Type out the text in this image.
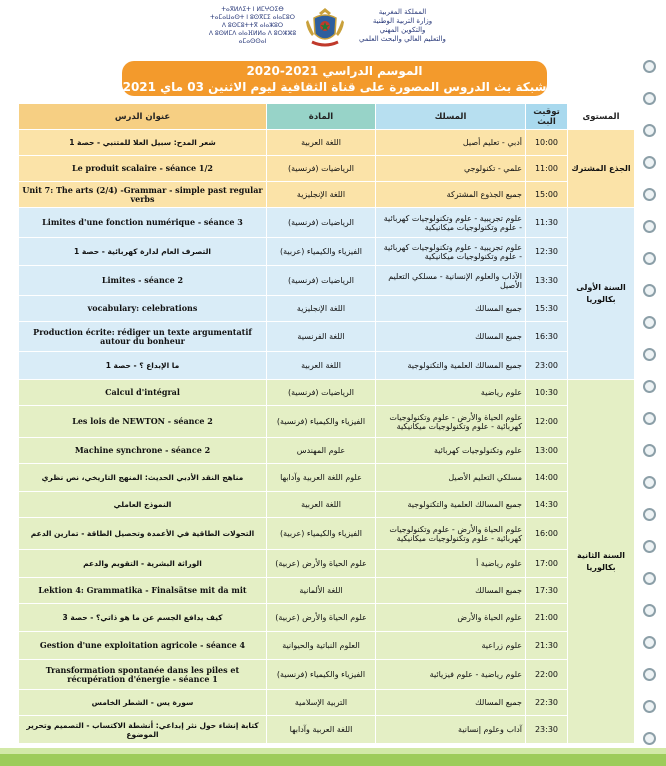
ⵜⴰⴳⵍⴷⵉⵜ ⵏ ⵍⵎⵖⵔⵉⴱ
ⵜⴰⵎⴰⵡⴰⵙⵜ ⵏ ⵓⵙⴳⵎⵉ ⴰⵏⴰⵎⵓⵔ
ⴷ ⵓⵙⵎⵓⵜⵜⴳ ⴰⵏⴰⵣⵓⵔ
ⴷ ⵓⵙⵍⵎⴷ ⴰⵏⴰⴼⵍⵍⴰ ⴷ ⵓⵔⵣⵣⵓ ⴰⵎⴰⵙⵙⴰⵏ
المملكة المغربية
وزارة التربية الوطنية
والتكوين المهني
والتعليم العالي والبحث العلمي
الموسم الدراسي 2021-2020
شبكة بث الدروس المصورة على قناة الثقافية ليوم الاثنين 03 ماي 2021
عنوان الدرس	المادة	المسلك	توقيت البث	المستوى
شعر المدح: سبيل العلا للمتنبي - حصة 1	اللغة العربية	أدبي - تعليم أصيل	10:00	الجذع المشترك
Le produit scalaire - séance 1/2	الرياضيات (فرنسية)	علمي - تكنولوجي	11:00	
Unit 7: The arts (2/4) -Grammar - simple past regular verbs	اللغة الإنجليزية	جميع الجذوع المشتركة	15:00	
Limites d'une fonction numérique - séance 3	الرياضيات (فرنسية)	علوم تجريبية - علوم وتكنولوجيات كهربائية - علوم وتكنولوجيات ميكانيكية	11:30	السنة الأولى بكالوريا
التصرف العام لدارة كهربائية - حصة 1	الفيزياء والكيمياء (عربية)	علوم تجريبية - علوم وتكنولوجيات كهربائية - علوم وتكنولوجيات ميكانيكية	12:30	
Limites - séance 2	الرياضيات (فرنسية)	الآداب والعلوم الإنسانية - مسلكي التعليم الأصيل	13:30	
vocabulary: celebrations	اللغة الإنجليزية	جميع المسالك	15:30	
Production écrite: rédiger un texte argumentatif autour du bonheur	اللغة الفرنسية	جميع المسالك	16:30	
ما الإبداع ؟ - حصة 1	اللغة العربية	جميع المسالك العلمية والتكنولوجية	23:00	
Calcul d'intégral	الرياضيات (فرنسية)	علوم رياضية	10:30	السنة الثانية بكالوريا
Les lois de NEWTON - séance 2	الفيزياء والكيمياء (فرنسية)	علوم الحياة والأرض - علوم وتكنولوجيات كهربائية - علوم وتكنولوجيات ميكانيكية	12:00	
Machine synchrone - séance 2	علوم المهندس	علوم وتكنولوجيات كهربائية	13:00	
مناهج النقد الأدبي الحديث: المنهج التاريخي، نص نظري	علوم اللغة العربية وآدابها	مسلكي التعليم الأصيل	14:00	
النموذج العاملي	اللغة العربية	جميع المسالك العلمية والتكنولوجية	14:30	
التحولات الطاقية في الأعمدة وتحصيل الطاقة - تمارين الدعم	الفيزياء والكيمياء (عربية)	علوم الحياة والأرض - علوم وتكنولوجيات كهربائية - علوم وتكنولوجيات ميكانيكية	16:00	
الوراثة البشرية - التقويم والدعم	علوم الحياة والأرض (عربية)	علوم رياضية أ	17:00	
Lektion 4: Grammatika - Finalsätse mit da mit	اللغة الألمانية	جميع المسالك	17:30	
كيف يدافع الجسم عن ما هو ذاتي؟ - حصة 3	علوم الحياة والأرض (عربية)	علوم الحياة والأرض	21:00	
Gestion d'une exploitation agricole - séance 4	العلوم النباتية والحيوانية	علوم زراعية	21:30	
Transformation spontanée dans les piles et récupération d'énergie - séance 1	الفيزياء والكيمياء (فرنسية)	علوم رياضية - علوم فيزيائية	22:00	
سورة يس - الشطر الخامس	التربية الإسلامية	جميع المسالك	22:30	
كتابة إنشاء حول نثر إبداعي: أنشطة الاكتساب - التصميم وتحرير الموضوع	اللغة العربية وآدابها	آداب وعلوم إنسانية	23:30	
